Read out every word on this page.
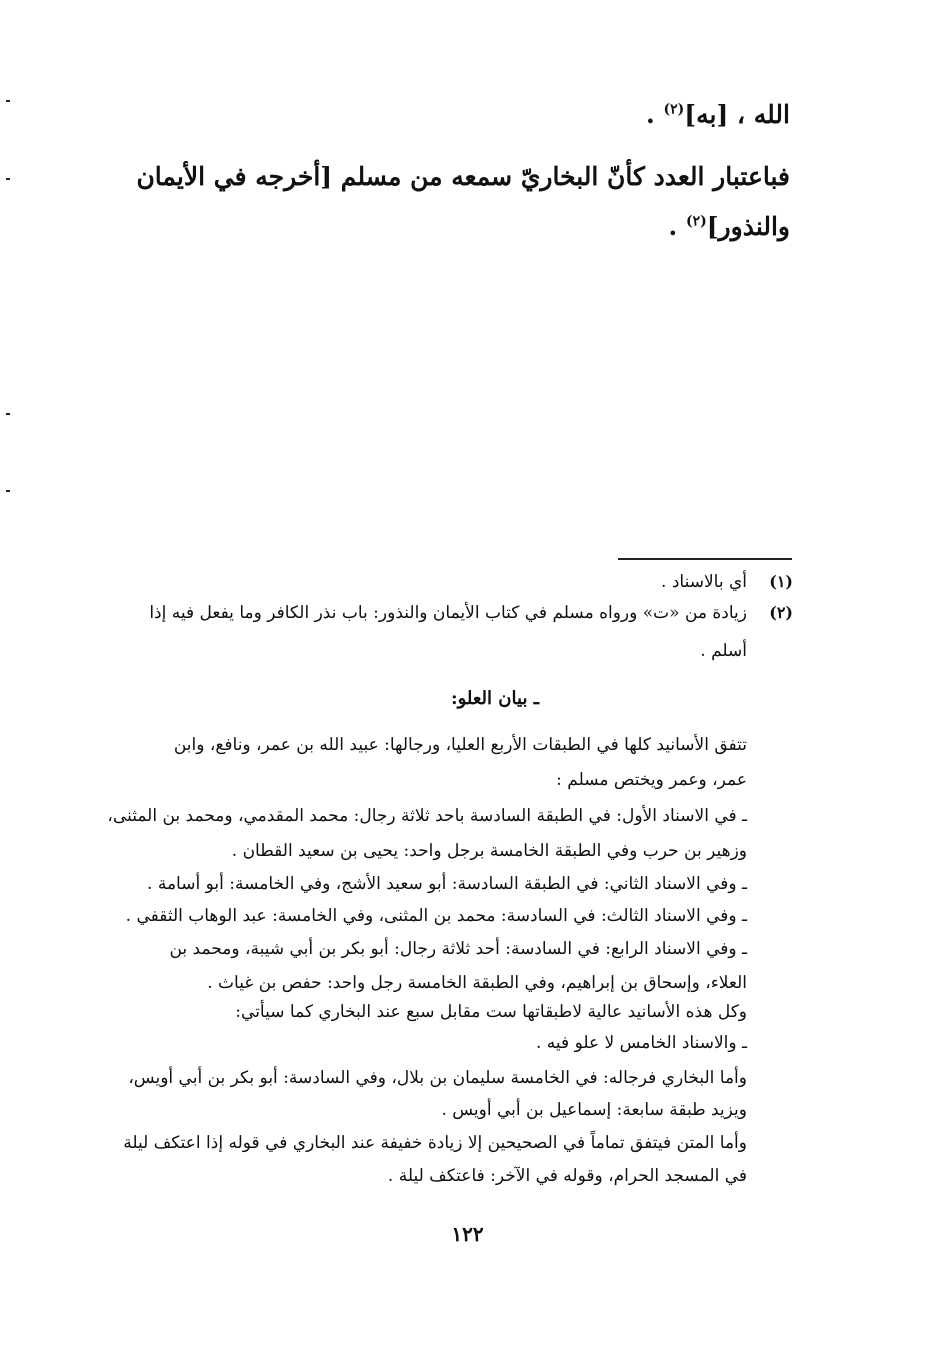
الله ، [به]$^{(٢)}$ .
فباعتبار العدد كأنّ البخاريّ سمعه من مسلم [أخرجه في الأيمان
والنذور]$^{(٢)}$ .
(١)
أي بالاسناد .
(٢)
زيادة من «ت» ورواه مسلم في كتاب الأيمان والنذور: باب نذر الكافر وما يفعل فيه إذا
أسلم .
ـ بيان العلو:
تتفق الأسانيد كلها في الطبقات الأربع العليا، ورجالها: عبيد الله بن عمر، ونافع، وابن
عمر، وعمر ويختص مسلم :
ـ في الاسناد الأول: في الطبقة السادسة باحد ثلاثة رجال: محمد المقدمي، ومحمد بن المثنى،
وزهير بن حرب وفي الطبقة الخامسة برجل واحد: يحيى بن سعيد القطان .
ـ وفي الاسناد الثاني: في الطبقة السادسة: أبو سعيد الأشج، وفي الخامسة: أبو أسامة .
ـ وفي الاسناد الثالث: في السادسة: محمد بن المثنى، وفي الخامسة: عبد الوهاب الثقفي .
ـ وفي الاسناد الرابع: في السادسة: أحد ثلاثة رجال: أبو بكر بن أبي شيبة، ومحمد بن
العلاء، وإسحاق بن إبراهيم، وفي الطبقة الخامسة رجل واحد: حفص بن غياث .
وكل هذه الأسانيد عالية لاطبقاتها ست مقابل سبع عند البخاري كما سيأتي:
ـ والاسناد الخامس لا علو فيه .
وأما البخاري فرجاله: في الخامسة سليمان بن بلال، وفي السادسة: أبو بكر بن أبي أويس،
ويزيد طبقة سابعة: إسماعيل بن أبي أويس .
وأما المتن فيتفق تماماً في الصحيحين إلا زيادة خفيفة عند البخاري في قوله إذا اعتكف ليلة
في المسجد الحرام، وقوله في الآخر: فاعتكف ليلة .
١٢٢
